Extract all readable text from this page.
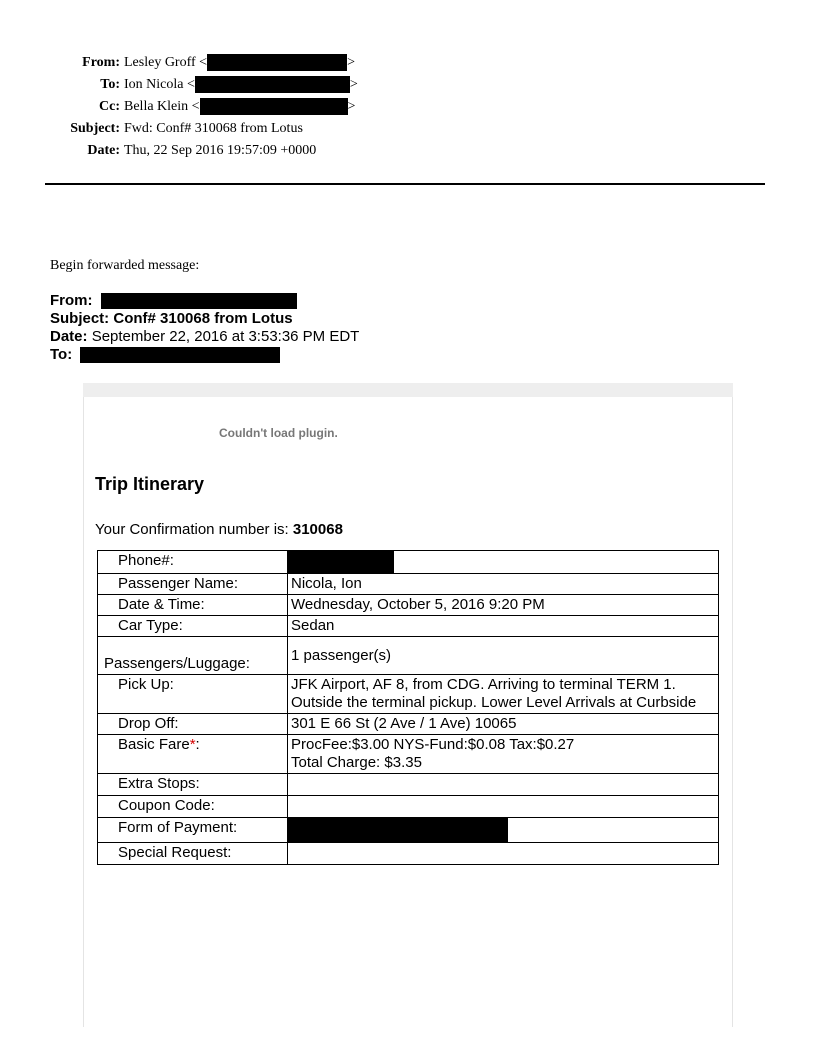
From: Lesley Groff <	>
To: Ion Nicola <	>
Cc: Bella Klein <	>
Subject: Fwd: Conf# 310068 from Lotus
Date: Thu, 22 Sep 2016 19:57:09 +0000
Begin forwarded message:
From:
Subject: Conf# 310068 from Lotus
Date: September 22, 2016 at 3:53:36 PM EDT
To:
Couldn't load plugin.
Trip Itinerary
Your Confirmation number is: 310068
Phone#:	

Passenger Name:	Nicola, Ion
Date & Time:	Wednesday, October 5, 2016 9:20 PM
Car Type:	Sedan
Passengers/Luggage:	1 passenger(s)
Pick Up:	JFK Airport, AF 8, from CDG. Arriving to terminal TERM 1.
Outside the terminal pickup. Lower Level Arrivals at Curbside

Drop Off:	301 E 66 St (2 Ave / 1 Ave) 10065
Basic Fare*:	ProcFee:$3.00 NYS-Fund:$0.08 Tax:$0.27
Total Charge: $3.35

Extra Stops:	
Coupon Code:	
Form of Payment:	

Special Request:	
